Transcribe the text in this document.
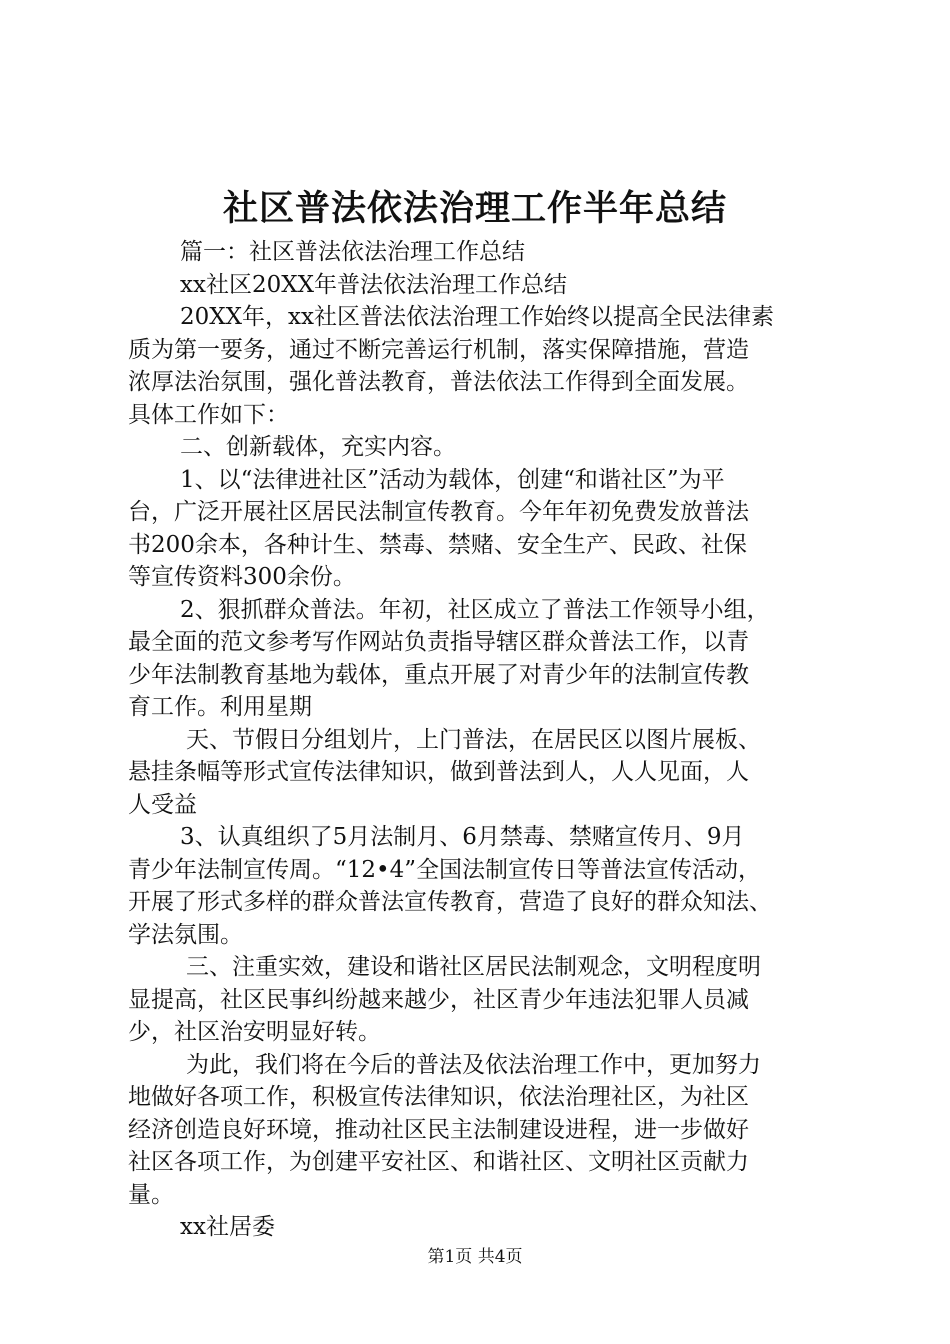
社区普法依法治理工作半年总结
篇一：社区普法依法治理工作总结
xx社区20XX年普法依法治理工作总结
20XX年，xx社区普法依法治理工作始终以提高全民法律素
质为第一要务，通过不断完善运行机制，落实保障措施，营造
浓厚法治氛围，强化普法教育，普法依法工作得到全面发展。
具体工作如下：
二、创新载体，充实内容。
1、以“法律进社区”活动为载体，创建“和谐社区”为平
台，广泛开展社区居民法制宣传教育。今年年初免费发放普法
书200余本，各种计生、禁毒、禁赌、安全生产、民政、社保
等宣传资料300余份。
2、狠抓群众普法。年初，社区成立了普法工作领导小组，
最全面的范文参考写作网站负责指导辖区群众普法工作，以青
少年法制教育基地为载体，重点开展了对青少年的法制宣传教
育工作。利用星期
天、节假日分组划片，上门普法，在居民区以图片展板、
悬挂条幅等形式宣传法律知识，做到普法到人，人人见面，人
人受益
3、认真组织了5月法制月、6月禁毒、禁赌宣传月、9月
青少年法制宣传周。“12•4”全国法制宣传日等普法宣传活动，
开展了形式多样的群众普法宣传教育，营造了良好的群众知法、
学法氛围。
三、注重实效，建设和谐社区居民法制观念，文明程度明
显提高，社区民事纠纷越来越少，社区青少年违法犯罪人员减
少，社区治安明显好转。
为此，我们将在今后的普法及依法治理工作中，更加努力
地做好各项工作，积极宣传法律知识，依法治理社区，为社区
经济创造良好环境，推动社区民主法制建设进程，进一步做好
社区各项工作，为创建平安社区、和谐社区、文明社区贡献力
量。
xx社居委
第1页 共4页
